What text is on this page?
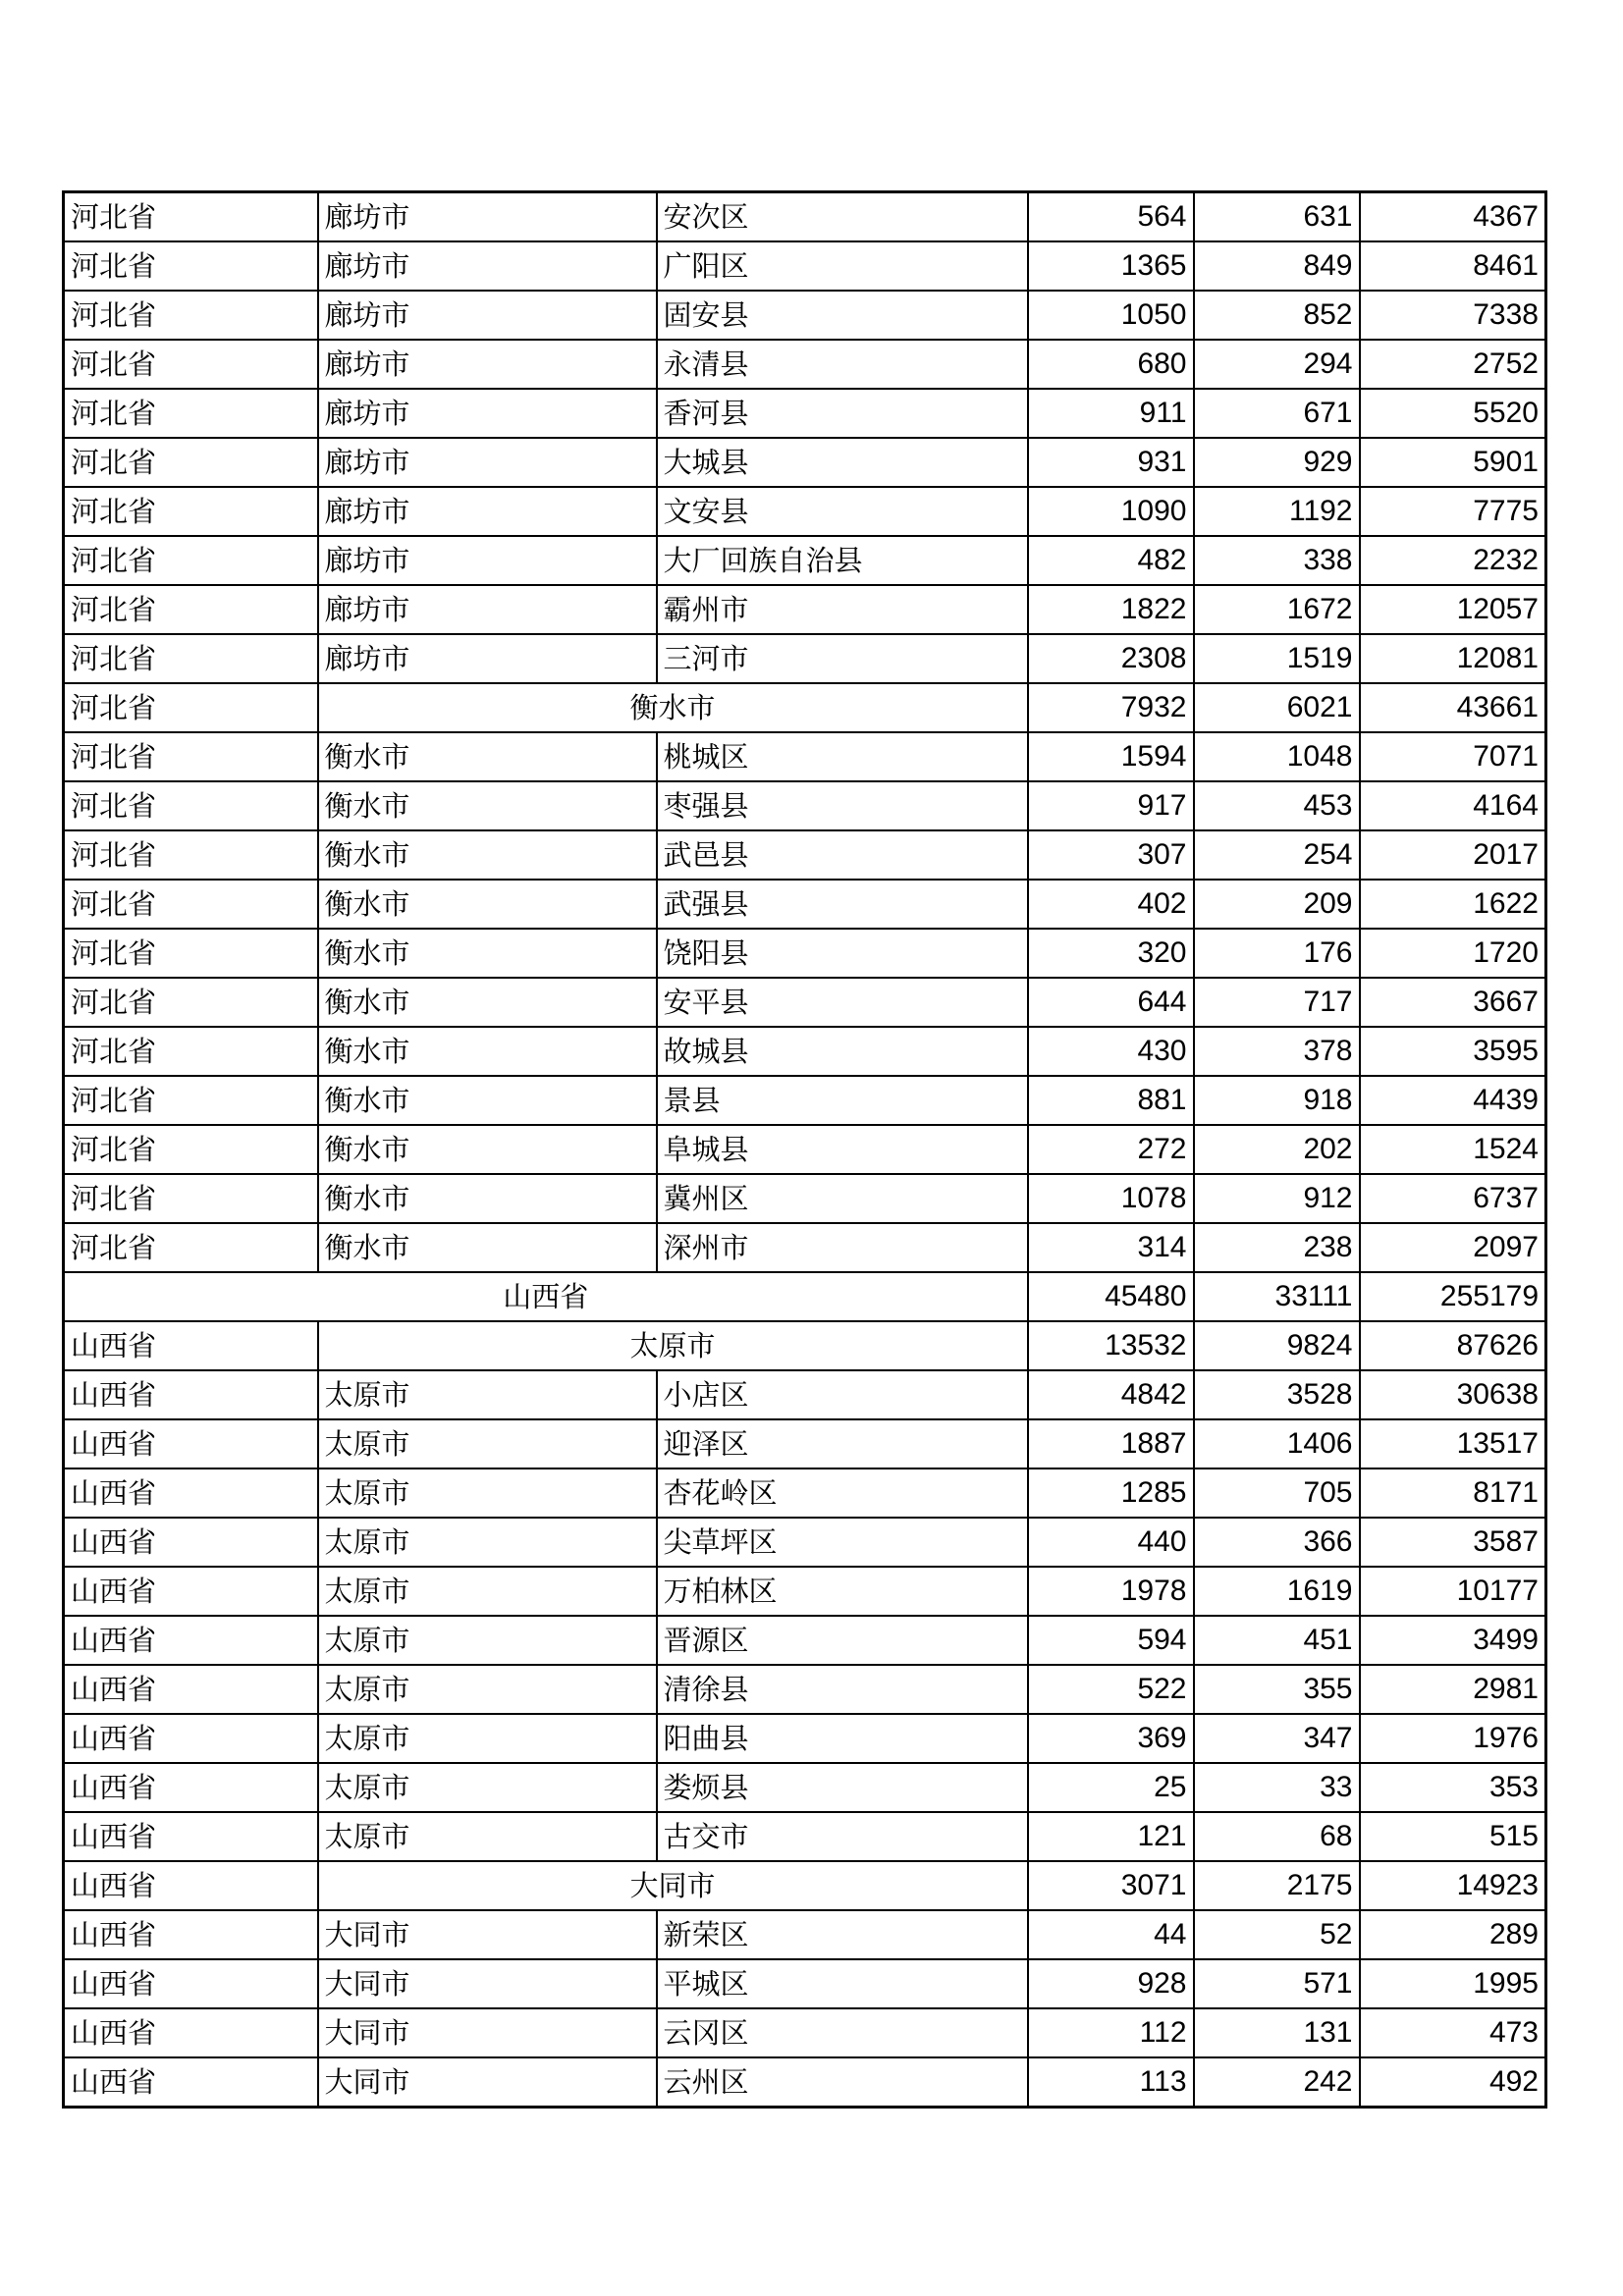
河北省	廊坊市	安次区	564	631	4367
河北省	廊坊市	广阳区	1365	849	8461
河北省	廊坊市	固安县	1050	852	7338
河北省	廊坊市	永清县	680	294	2752
河北省	廊坊市	香河县	911	671	5520
河北省	廊坊市	大城县	931	929	5901
河北省	廊坊市	文安县	1090	1192	7775
河北省	廊坊市	大厂回族自治县	482	338	2232
河北省	廊坊市	霸州市	1822	1672	12057
河北省	廊坊市	三河市	2308	1519	12081
河北省	衡水市		7932	6021	43661
河北省	衡水市	桃城区	1594	1048	7071
河北省	衡水市	枣强县	917	453	4164
河北省	衡水市	武邑县	307	254	2017
河北省	衡水市	武强县	402	209	1622
河北省	衡水市	饶阳县	320	176	1720
河北省	衡水市	安平县	644	717	3667
河北省	衡水市	故城县	430	378	3595
河北省	衡水市	景县	881	918	4439
河北省	衡水市	阜城县	272	202	1524
河北省	衡水市	冀州区	1078	912	6737
河北省	衡水市	深州市	314	238	2097
山西省			45480	33111	255179
山西省	太原市		13532	9824	87626
山西省	太原市	小店区	4842	3528	30638
山西省	太原市	迎泽区	1887	1406	13517
山西省	太原市	杏花岭区	1285	705	8171
山西省	太原市	尖草坪区	440	366	3587
山西省	太原市	万柏林区	1978	1619	10177
山西省	太原市	晋源区	594	451	3499
山西省	太原市	清徐县	522	355	2981
山西省	太原市	阳曲县	369	347	1976
山西省	太原市	娄烦县	25	33	353
山西省	太原市	古交市	121	68	515
山西省	大同市		3071	2175	14923
山西省	大同市	新荣区	44	52	289
山西省	大同市	平城区	928	571	1995
山西省	大同市	云冈区	112	131	473
山西省	大同市	云州区	113	242	492
